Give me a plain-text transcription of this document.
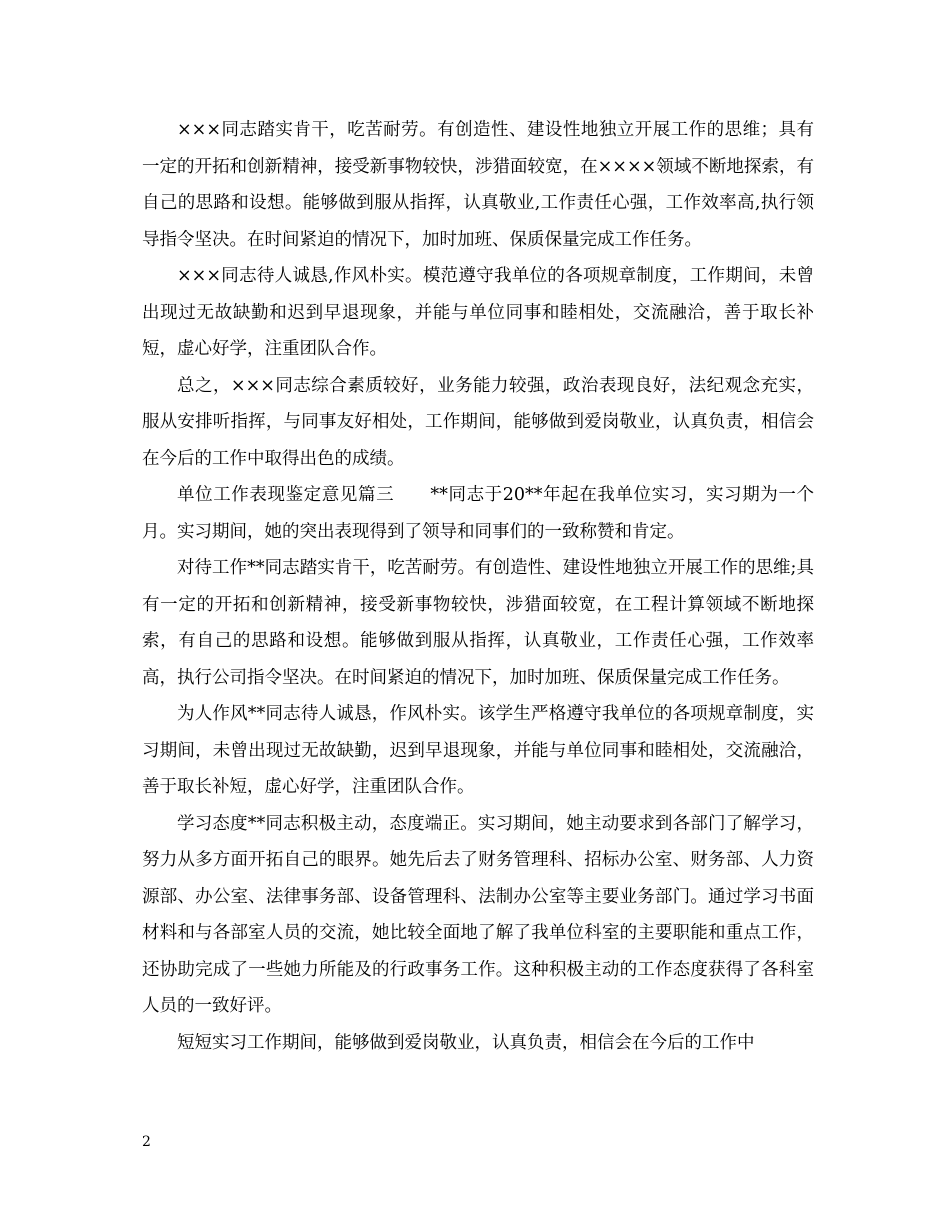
×××同志踏实肯干，吃苦耐劳。有创造性、建设性地独立开展工作的思维；具有一定的开拓和创新精神，接受新事物较快，涉猎面较宽，在××××领域不断地探索，有自己的思路和设想。能够做到服从指挥，认真敬业,工作责任心强，工作效率高,执行领导指令坚决。在时间紧迫的情况下，加时加班、保质保量完成工作任务。

×××同志待人诚恳,作风朴实。模范遵守我单位的各项规章制度，工作期间，未曾出现过无故缺勤和迟到早退现象，并能与单位同事和睦相处，交流融洽，善于取长补短，虚心好学，注重团队合作。

总之，×××同志综合素质较好，业务能力较强，政治表现良好，法纪观念充实，服从安排听指挥，与同事友好相处，工作期间，能够做到爱岗敬业，认真负责，相信会在今后的工作中取得出色的成绩。

单位工作表现鉴定意见篇三　　**同志于20**年起在我单位实习，实习期为一个月。实习期间，她的突出表现得到了领导和同事们的一致称赞和肯定。

对待工作**同志踏实肯干，吃苦耐劳。有创造性、建设性地独立开展工作的思维;具有一定的开拓和创新精神，接受新事物较快，涉猎面较宽，在工程计算领域不断地探索，有自己的思路和设想。能够做到服从指挥，认真敬业，工作责任心强，工作效率高，执行公司指令坚决。在时间紧迫的情况下，加时加班、保质保量完成工作任务。

为人作风**同志待人诚恳，作风朴实。该学生严格遵守我单位的各项规章制度，实习期间，未曾出现过无故缺勤，迟到早退现象，并能与单位同事和睦相处，交流融洽，善于取长补短，虚心好学，注重团队合作。

学习态度**同志积极主动，态度端正。实习期间，她主动要求到各部门了解学习，努力从多方面开拓自己的眼界。她先后去了财务管理科、招标办公室、财务部、人力资源部、办公室、法律事务部、设备管理科、法制办公室等主要业务部门。通过学习书面材料和与各部室人员的交流，她比较全面地了解了我单位科室的主要职能和重点工作，还协助完成了一些她力所能及的行政事务工作。这种积极主动的工作态度获得了各科室人员的一致好评。

短短实习工作期间，能够做到爱岗敬业，认真负责，相信会在今后的工作中

2
